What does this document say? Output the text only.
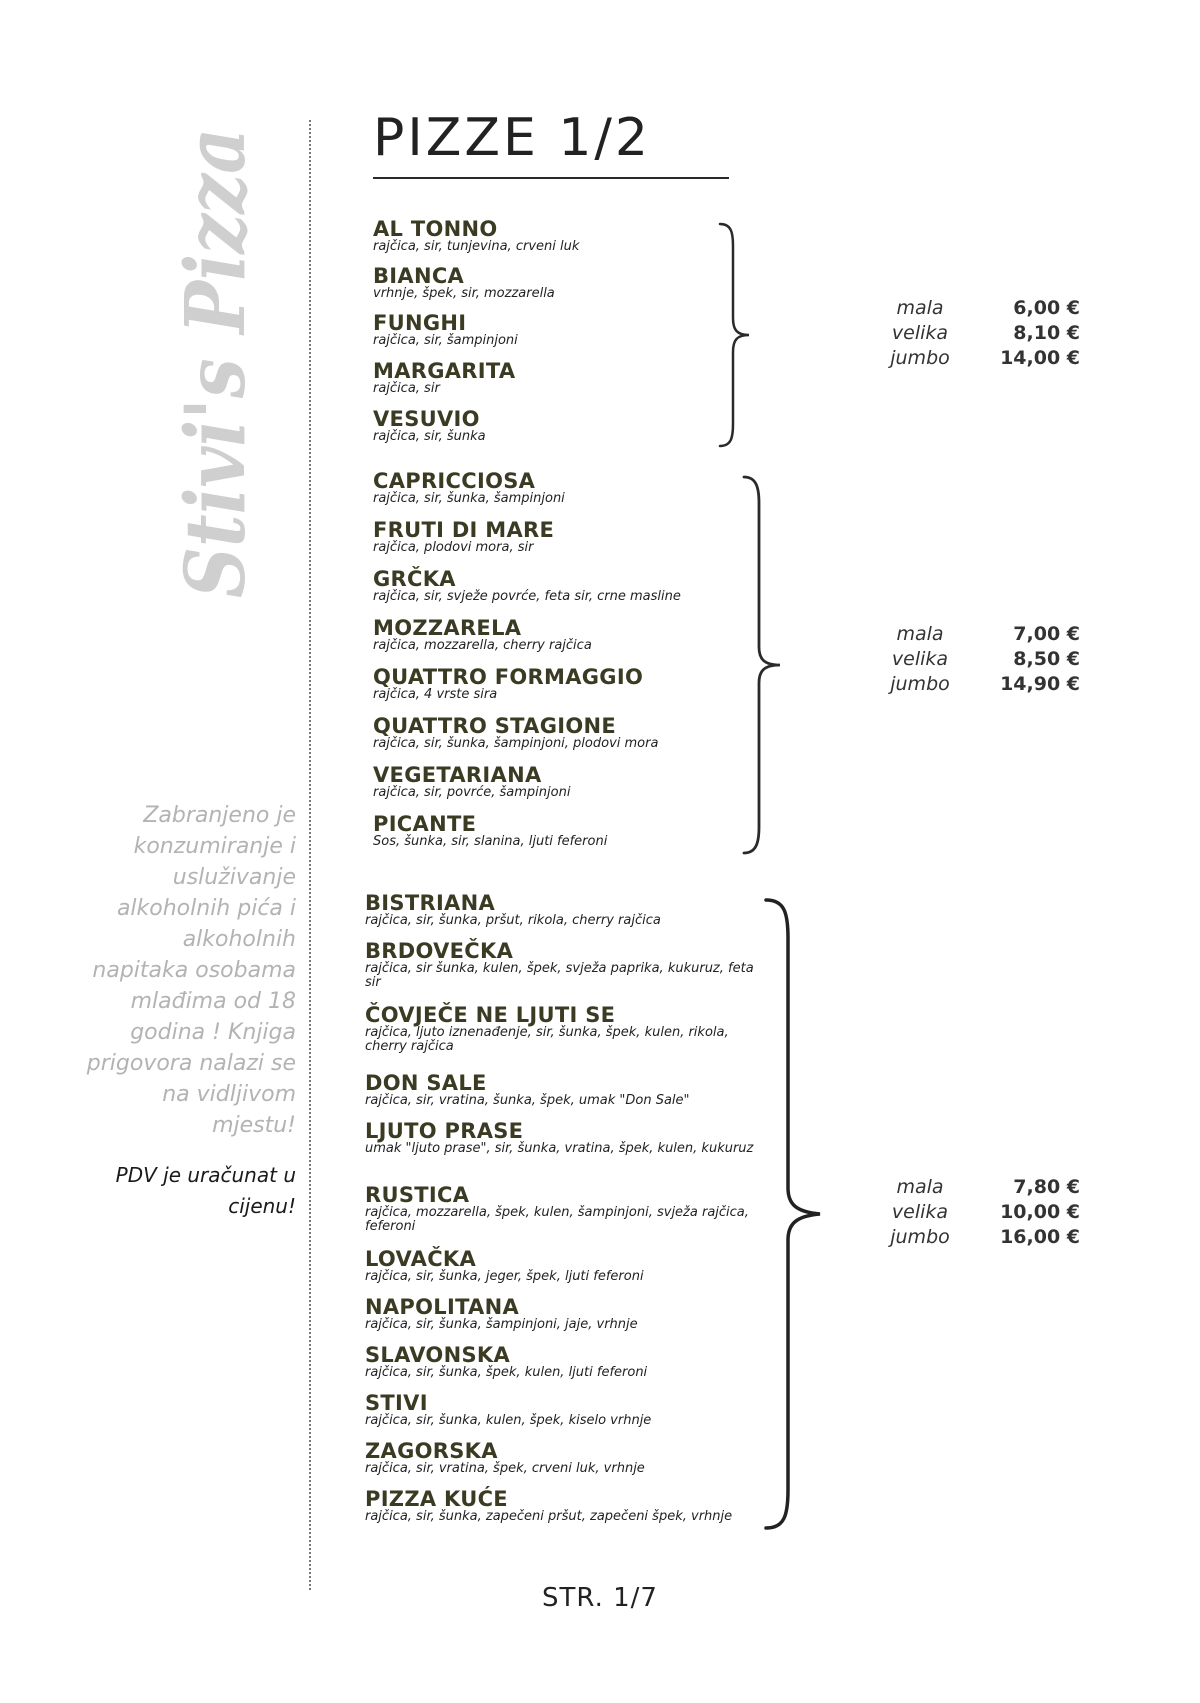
Stivi's Pizza
Zabranjeno je konzumiranje i usluživanje alkoholnih pića i alkoholnih napitaka osobama mlađima od 18 godina ! Knjiga prigovora nalazi se na vidljivom mjestu!
PDV je uračunat u cijenu!
PIZZE 1/2
AL TONNO
rajčica, sir, tunjevina, crveni luk
BIANCA
vrhnje, špek, sir, mozzarella
FUNGHI
rajčica, sir, šampinjoni
MARGARITA
rajčica, sir
VESUVIO
rajčica, sir, šunka
mala	6,00 €
velika	8,10 €
jumbo	14,00 €
CAPRICCIOSA
rajčica, sir, šunka, šampinjoni
FRUTI DI MARE
rajčica, plodovi mora, sir
GRČKA
rajčica, sir, svježe povrće, feta sir, crne masline
MOZZARELA
rajčica, mozzarella, cherry rajčica
QUATTRO FORMAGGIO
rajčica, 4 vrste sira
QUATTRO STAGIONE
rajčica, sir, šunka, šampinjoni, plodovi mora
VEGETARIANA
rajčica, sir, povrće, šampinjoni
PICANTE
Sos, šunka, sir, slanina, ljuti feferoni
mala	7,00 €
velika	8,50 €
jumbo	14,90 €
BISTRIANA
rajčica, sir, šunka, pršut, rikola, cherry rajčica
BRDOVEČKA
rajčica, sir šunka, kulen, špek, svježa paprika, kukuruz, feta sir
ČOVJEČE NE LJUTI SE
rajčica, ljuto iznenađenje, sir, šunka, špek, kulen, rikola, cherry rajčica
DON SALE
rajčica, sir, vratina, šunka, špek, umak "Don Sale"
LJUTO PRASE
umak "ljuto prase", sir, šunka, vratina, špek, kulen, kukuruz
RUSTICA
rajčica, mozzarella, špek, kulen, šampinjoni, svježa rajčica, feferoni
LOVAČKA
rajčica, sir, šunka, jeger, špek, ljuti feferoni
NAPOLITANA
rajčica, sir, šunka, šampinjoni, jaje, vrhnje
SLAVONSKA
rajčica, sir, šunka, špek, kulen, ljuti feferoni
STIVI
rajčica, sir, šunka, kulen, špek, kiselo vrhnje
ZAGORSKA
rajčica, sir, vratina, špek, crveni luk, vrhnje
PIZZA KUĆE
rajčica, sir, šunka, zapečeni pršut, zapečeni špek, vrhnje
mala	7,80 €
velika	10,00 €
jumbo	16,00 €
STR. 1/7
